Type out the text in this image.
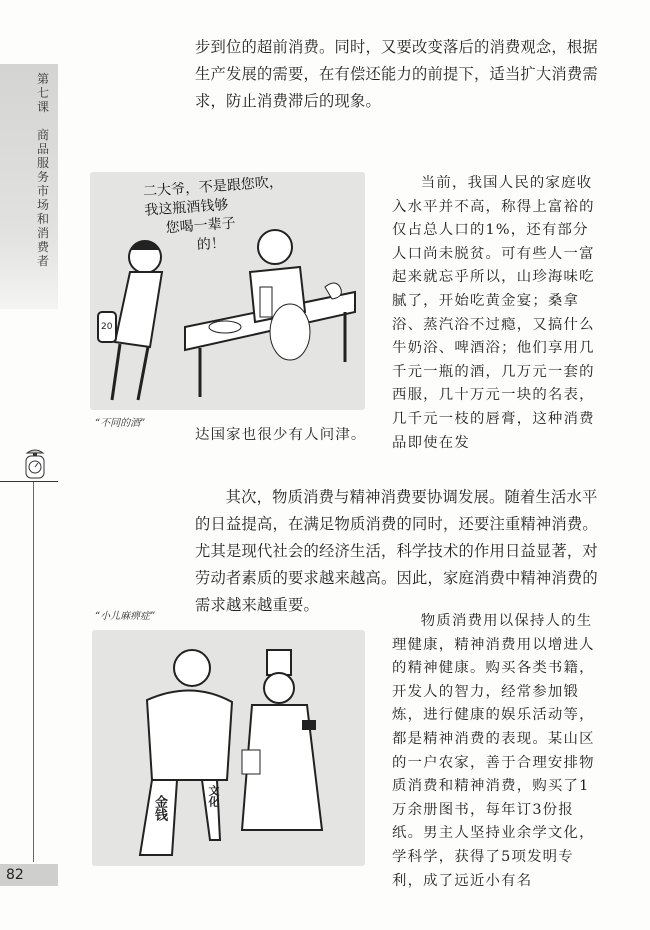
第七课
商品服务市场和消费者
82
步到位的超前消费。同时，又要改变落后的消费观念，根据生产发展的需要，在有偿还能力的前提下，适当扩大消费需求，防止消费滞后的现象。
二大爷，不是跟您吹，
我这瓶酒钱够
您喝一辈子
的！
20
“不同的酒”
当前，我国人民的家庭收入水平并不高，称得上富裕的仅占总人口的1%，还有部分人口尚未脱贫。可有些人一富起来就忘乎所以，山珍海味吃腻了，开始吃黄金宴；桑拿浴、蒸汽浴不过瘾，又搞什么牛奶浴、啤酒浴；他们享用几千元一瓶的酒，几万元一套的西服，几十万元一块的名表，几千元一枝的唇膏，这种消费品即使在发
达国家也很少有人问津。
其次，物质消费与精神消费要协调发展。随着生活水平的日益提高，在满足物质消费的同时，还要注重精神消费。尤其是现代社会的经济生活，科学技术的作用日益显著，对劳动者素质的要求越来越高。因此，家庭消费中精神消费的需求越来越重要。
“小儿麻痹症”
金钱	文化
物质消费用以保持人的生理健康，精神消费用以增进人的精神健康。购买各类书籍，开发人的智力，经常参加锻炼，进行健康的娱乐活动等，都是精神消费的表现。某山区的一户农家，善于合理安排物质消费和精神消费，购买了1万余册图书，每年订3份报纸。男主人坚持业余学文化，学科学，获得了5项发明专利，成了远近小有名
